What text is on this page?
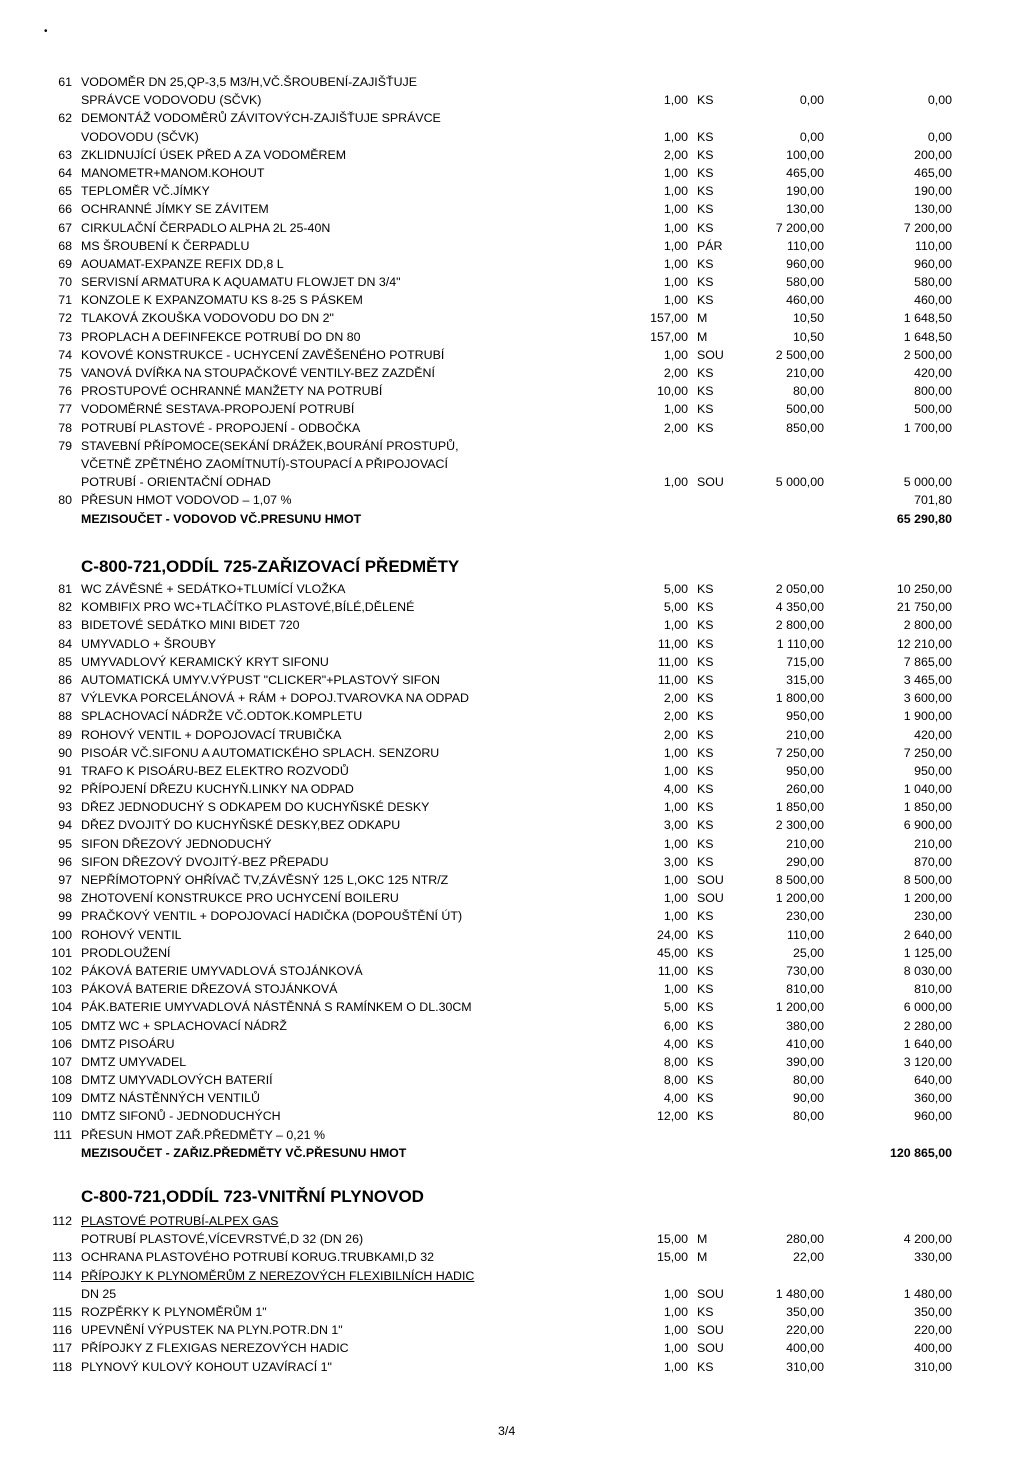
•
61 VODOMĚR DN 25,QP-3,5 M3/H,VČ.ŠROUBENÍ-ZAJIŠŤUJE
SPRÁVCE VODOVODU (SČVK)	1,00 KS	0,00	0,00
62 DEMONTÁŽ VODOMĚRŮ ZÁVITOVÝCH-ZAJIŠŤUJE SPRÁVCE
VODOVODU (SČVK)	1,00 KS	0,00	0,00
63 ZKLIDNUJÍCÍ ÚSEK PŘED A ZA VODOMĚREM	2,00 KS	100,00	200,00
64 MANOMETR+MANOM.KOHOUT	1,00 KS	465,00	465,00
65 TEPLOMĚR VČ.JÍMKY	1,00 KS	190,00	190,00
66 OCHRANNÉ JÍMKY SE ZÁVITEM	1,00 KS	130,00	130,00
67 CIRKULAČNÍ ČERPADLO ALPHA 2L 25-40N	1,00 KS	7 200,00	7 200,00
68 MS ŠROUBENÍ K ČERPADLU	1,00 PÁR	110,00	110,00
69 AOUAMAT-EXPANZE REFIX DD,8 L	1,00 KS	960,00	960,00
70 SERVISNÍ ARMATURA K AQUAMATU FLOWJET DN 3/4"	1,00 KS	580,00	580,00
71 KONZOLE K EXPANZOMATU KS 8-25 S PÁSKEM	1,00 KS	460,00	460,00
72 TLAKOVÁ ZKOUŠKA VODOVODU DO DN 2"	157,00 M	10,50	1 648,50
73 PROPLACH A DEFINFEKCE POTRUBÍ DO DN 80	157,00 M	10,50	1 648,50
74 KOVOVÉ KONSTRUKCE - UCHYCENÍ ZAVĚŠENÉHO POTRUBÍ	1,00 SOU	2 500,00	2 500,00
75 VANOVÁ DVÍŘKA NA STOUPAČKOVÉ VENTILY-BEZ ZAZDĚNÍ	2,00 KS	210,00	420,00
76 PROSTUPOVÉ OCHRANNÉ MANŽETY NA POTRUBÍ	10,00 KS	80,00	800,00
77 VODOMĚRNÉ SESTAVA-PROPOJENÍ POTRUBÍ	1,00 KS	500,00	500,00
78 POTRUBÍ PLASTOVÉ - PROPOJENÍ - ODBOČKA	2,00 KS	850,00	1 700,00
79 STAVEBNÍ PŘÍPOMOCE(SEKÁNÍ DRÁŽEK,BOURÁNÍ PROSTUPŮ,
VČETNĚ ZPĚTNÉHO ZAOMÍTNUTÍ)-STOUPACÍ A PŘIPOJOVACÍ
POTRUBÍ - ORIENTAČNÍ ODHAD	1,00 SOU	5 000,00	5 000,00
80 PŘESUN HMOT VODOVOD – 1,07 %	701,80
MEZISOUČET - VODOVOD VČ.PRESUNU HMOT	65 290,80
C-800-721,ODDÍL 725-ZAŘIZOVACÍ PŘEDMĚTY
81 WC ZÁVĚSNÉ + SEDÁTKO+TLUMÍCÍ VLOŽKA	5,00 KS	2 050,00	10 250,00
82 KOMBIFIX PRO WC+TLAČÍTKO PLASTOVÉ,BÍLÉ,DĚLENÉ	5,00 KS	4 350,00	21 750,00
83 BIDETOVÉ SEDÁTKO MINI BIDET 720	1,00 KS	2 800,00	2 800,00
84 UMYVADLO + ŠROUBY	11,00 KS	1 110,00	12 210,00
85 UMYVADLOVÝ KERAMICKÝ KRYT SIFONU	11,00 KS	715,00	7 865,00
86 AUTOMATICKÁ UMYV.VÝPUST "CLICKER"+PLASTOVÝ SIFON	11,00 KS	315,00	3 465,00
87 VÝLEVKA PORCELÁNOVÁ + RÁM + DOPOJ.TVAROVKA NA ODPAD	2,00 KS	1 800,00	3 600,00
88 SPLACHOVACÍ NÁDRŽE VČ.ODTOK.KOMPLETU	2,00 KS	950,00	1 900,00
89 ROHOVÝ VENTIL + DOPOJOVACÍ TRUBIČKA	2,00 KS	210,00	420,00
90 PISOÁR VČ.SIFONU A AUTOMATICKÉHO SPLACH. SENZORU	1,00 KS	7 250,00	7 250,00
91 TRAFO K PISOÁRU-BEZ ELEKTRO ROZVODŮ	1,00 KS	950,00	950,00
92 PŘÍPOJENÍ DŘEZU KUCHYŇ.LINKY NA ODPAD	4,00 KS	260,00	1 040,00
93 DŘEZ JEDNODUCHÝ S ODKAPEM DO KUCHYŇSKÉ DESKY	1,00 KS	1 850,00	1 850,00
94 DŘEZ DVOJITÝ DO KUCHYŇSKÉ DESKY,BEZ ODKAPU	3,00 KS	2 300,00	6 900,00
95 SIFON DŘEZOVÝ JEDNODUCHÝ	1,00 KS	210,00	210,00
96 SIFON DŘEZOVÝ DVOJITÝ-BEZ PŘEPADU	3,00 KS	290,00	870,00
97 NEPŘÍMOTOPNÝ OHŘÍVAČ TV,ZÁVĚSNÝ 125 L,OKC 125 NTR/Z	1,00 SOU	8 500,00	8 500,00
98 ZHOTOVENÍ KONSTRUKCE PRO UCHYCENÍ BOILERU	1,00 SOU	1 200,00	1 200,00
99 PRAČKOVÝ VENTIL + DOPOJOVACÍ HADIČKA (DOPOUŠTĚNÍ ÚT)	1,00 KS	230,00	230,00
100 ROHOVÝ VENTIL	24,00 KS	110,00	2 640,00
101 PRODLOUŽENÍ	45,00 KS	25,00	1 125,00
102 PÁKOVÁ BATERIE UMYVADLOVÁ STOJÁNKOVÁ	11,00 KS	730,00	8 030,00
103 PÁKOVÁ BATERIE DŘEZOVÁ STOJÁNKOVÁ	1,00 KS	810,00	810,00
104 PÁK.BATERIE UMYVADLOVÁ NÁSTĚNNÁ S RAMÍNKEM O DL.30CM	5,00 KS	1 200,00	6 000,00
105 DMTZ WC + SPLACHOVACÍ NÁDRŽ	6,00 KS	380,00	2 280,00
106 DMTZ PISOÁRU	4,00 KS	410,00	1 640,00
107 DMTZ UMYVADEL	8,00 KS	390,00	3 120,00
108 DMTZ UMYVADLOVÝCH BATERIÍ	8,00 KS	80,00	640,00
109 DMTZ NÁSTĚNNÝCH VENTILŮ	4,00 KS	90,00	360,00
110 DMTZ SIFONŮ - JEDNODUCHÝCH	12,00 KS	80,00	960,00
111 PŘESUN HMOT ZAŘ.PŘEDMĚTY – 0,21 %
MEZISOUČET - ZAŘIZ.PŘEDMĚTY VČ.PŘESUNU HMOT	120 865,00
C-800-721,ODDÍL 723-VNITŘNÍ PLYNOVOD
112 PLASTOVÉ POTRUBÍ-ALPEX GAS
POTRUBÍ PLASTOVÉ,VÍCEVRSTVÉ,D 32 (DN 26)	15,00 M	280,00	4 200,00
113 OCHRANA PLASTOVÉHO POTRUBÍ KORUG.TRUBKAMI,D 32	15,00 M	22,00	330,00
114 PŘÍPOJKY K PLYNOMĚRŮM Z NEREZOVÝCH FLEXIBILNÍCH HADIC
DN 25	1,00 SOU	1 480,00	1 480,00
115 ROZPĚRKY K PLYNOMĚRŮM 1"	1,00 KS	350,00	350,00
116 UPEVNĚNÍ VÝPUSTEK NA PLYN.POTR.DN 1"	1,00 SOU	220,00	220,00
117 PŘÍPOJKY Z FLEXIGAS NEREZOVÝCH HADIC	1,00 SOU	400,00	400,00
118 PLYNOVÝ KULOVÝ KOHOUT UZAVÍRACÍ 1"	1,00 KS	310,00	310,00
3/4
